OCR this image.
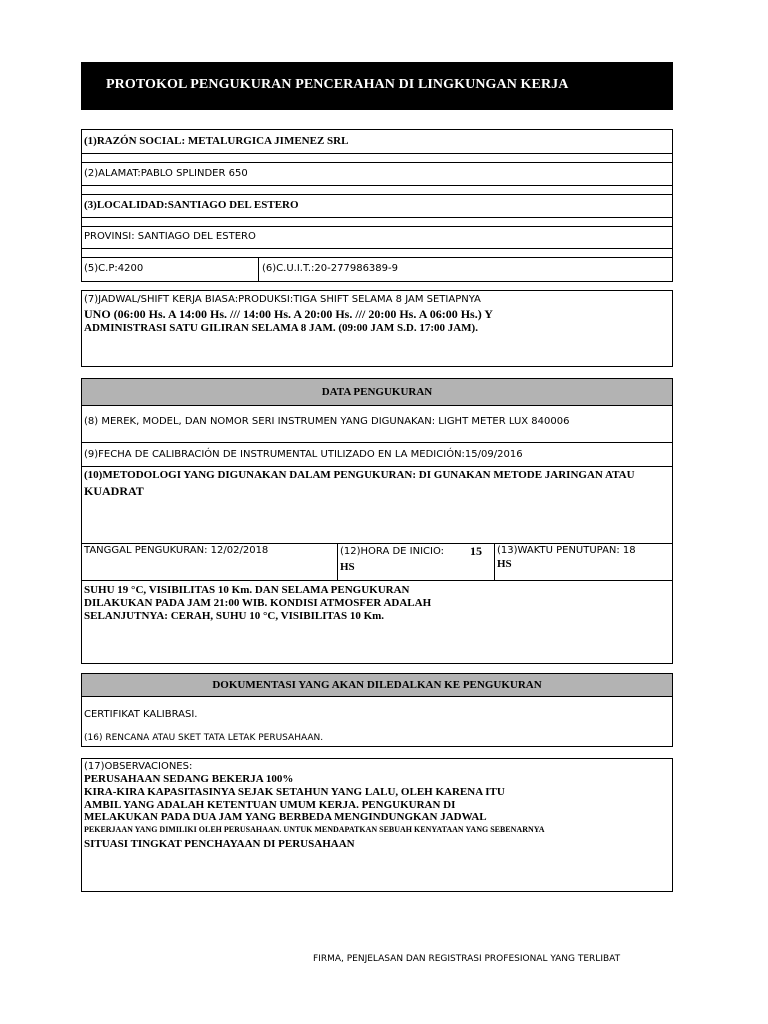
PROTOKOL PENGUKURAN PENCERAHAN DI LINGKUNGAN KERJA
(1)RAZÓN SOCIAL: METALURGICA JIMENEZ SRL
(2)ALAMAT:PABLO SPLINDER 650
(3)LOCALIDAD:SANTIAGO DEL ESTERO
PROVINSI: SANTIAGO DEL ESTERO
(5)C.P:4200	(6)C.U.I.T.:20-277986389-9
(7)JADWAL/SHIFT KERJA BIASA:PRODUKSI:TIGA SHIFT SELAMA 8 JAM SETIAPNYA
UNO (06:00 Hs. A 14:00 Hs. /// 14:00 Hs. A 20:00 Hs. /// 20:00 Hs. A 06:00 Hs.) Y
ADMINISTRASI SATU GILIRAN SELAMA 8 JAM. (09:00 JAM S.D. 17:00 JAM).
DATA PENGUKURAN
(8) MEREK, MODEL, DAN NOMOR SERI INSTRUMEN YANG DIGUNAKAN: LIGHT METER LUX 840006
(9)FECHA DE CALIBRACIÓN DE INSTRUMENTAL UTILIZADO EN LA MEDICIÓN:15/09/2016
(10)METODOLOGI YANG DIGUNAKAN DALAM PENGUKURAN: DI GUNAKAN METODE JARINGAN ATAU
KUADRAT
TANGGAL PENGUKURAN: 12/02/2018	(12)HORA DE INICIO: 15
HS
(13)WAKTU PENUTUPAN: 18
HS
SUHU 19 °C, VISIBILITAS 10 Km. DAN SELAMA PENGUKURAN
DILAKUKAN PADA JAM 21:00 WIB. KONDISI ATMOSFER ADALAH
SELANJUTNYA: CERAH, SUHU 10 °C, VISIBILITAS 10 Km.
DOKUMENTASI YANG AKAN DILEDALKAN KE PENGUKURAN
CERTIFIKAT KALIBRASI.
(16) RENCANA ATAU SKET TATA LETAK PERUSAHAAN.
(17)OBSERVACIONES:
PERUSAHAAN SEDANG BEKERJA 100%
KIRA-KIRA KAPASITASINYA SEJAK SETAHUN YANG LALU, OLEH KARENA ITU
AMBIL YANG ADALAH KETENTUAN UMUM KERJA. PENGUKURAN DI
MELAKUKAN PADA DUA JAM YANG BERBEDA MENGINDUNGKAN JADWAL
PEKERJAAN YANG DIMILIKI OLEH PERUSAHAAN. UNTUK MENDAPATKAN SEBUAH KENYATAAN YANG SEBENARNYA
SITUASI TINGKAT PENCHAYAAN DI PERUSAHAAN
FIRMA, PENJELASAN DAN REGISTRASI PROFESIONAL YANG TERLIBAT
